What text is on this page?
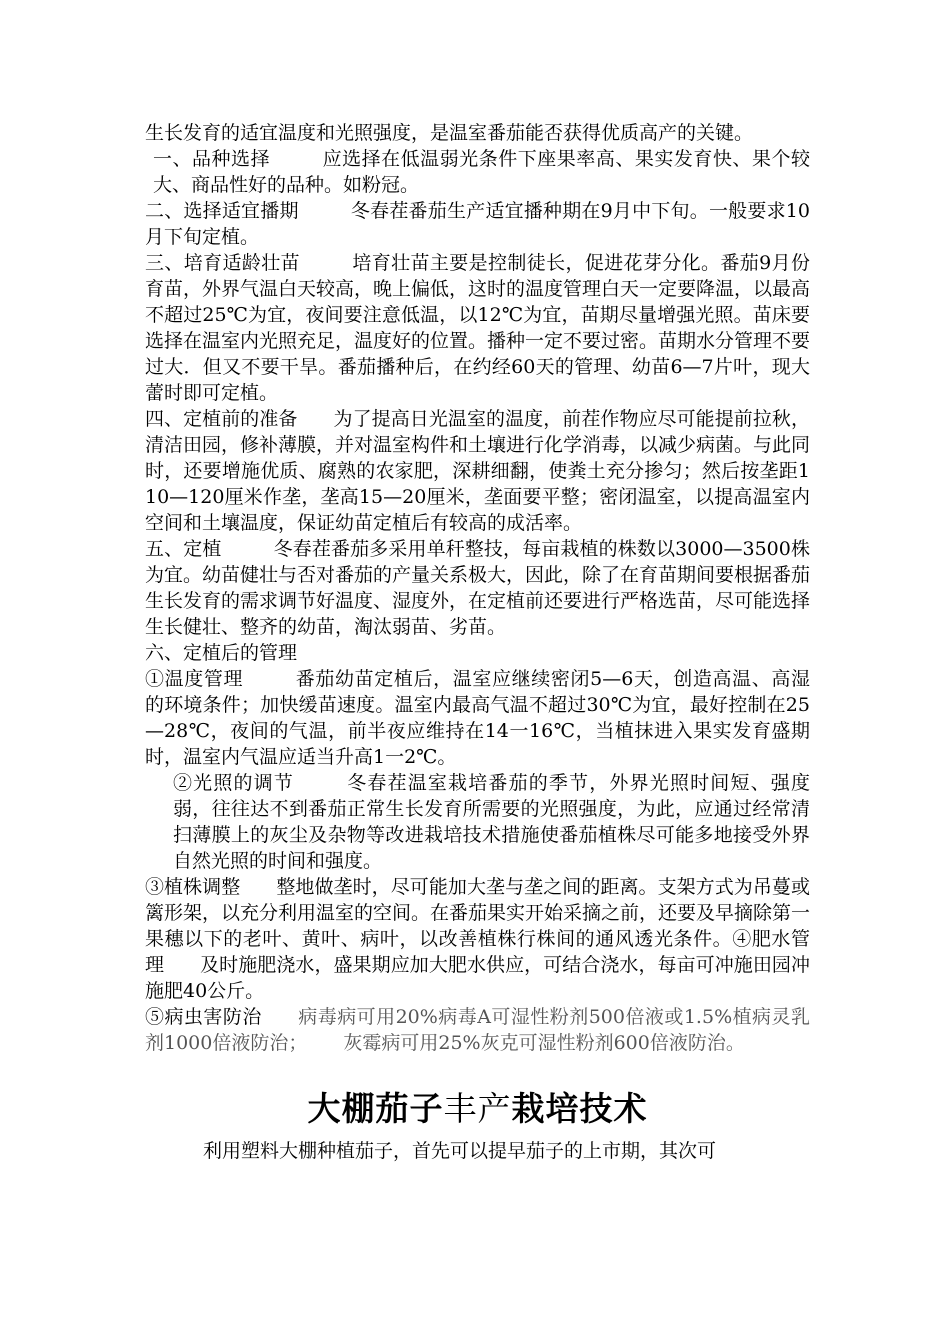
生长发育的适宜温度和光照强度，是温室番茄能否获得优质高产的关键。

一、品种选择	应选择在低温弱光条件下座果率高、果实发育快、果个较大、商品性好的品种。如粉冠。

二、选择适宜播期	冬春茬番茄生产适宜播种期在9月中下旬。一般要求10月下旬定植。

三、培育适龄壮苗	培育壮苗主要是控制徒长，促进花芽分化。番茄9月份育苗，外界气温白天较高，晚上偏低，这时的温度管理白天一定要降温，以最高不超过25℃为宜，夜间要注意低温，以12℃为宜，苗期尽量增强光照。苗床要选择在温室内光照充足，温度好的位置。播种一定不要过密。苗期水分管理不要过大．但又不要干旱。番茄播种后，在约经60天的管理、幼苗6—7片叶，现大蕾时即可定植。

四、定植前的准备 为了提高日光温室的温度，前茬作物应尽可能提前拉秋，清洁田园，修补薄膜，并对温室构件和土壤进行化学消毒，以减少病菌。与此同时，还要增施优质、腐熟的农家肥，深耕细翻，使粪土充分掺匀；然后按垄距110—120厘米作垄，垄高15—20厘米，垄面要平整；密闭温室，以提高温室内空间和土壤温度，保证幼苗定植后有较高的成活率。

五、定植	冬春茬番茄多采用单秆整技，每亩栽植的株数以3000—3500株为宜。幼苗健壮与否对番茄的产量关系极大，因此，除了在育苗期间要根据番茄生长发育的需求调节好温度、湿度外，在定植前还要进行严格选苗，尽可能选择生长健壮、整齐的幼苗，淘汰弱苗、劣苗。

六、定植后的管理

①温度管理	番茄幼苗定植后，温室应继续密闭5—6天，创造高温、高湿的环境条件；加快缓苗速度。温室内最高气温不超过30℃为宜，最好控制在25—28℃，夜间的气温，前半夜应维持在14一16℃，当植抹进入果实发育盛期时，温室内气温应适当升高1一2℃。

②光照的调节	冬春茬温室栽培番茄的季节，外界光照时间短、强度弱，往往达不到番茄正常生长发育所需要的光照强度，为此，应通过经常清扫薄膜上的灰尘及杂物等改进栽培技术措施使番茄植株尽可能多地接受外界自然光照的时间和强度。

③植株调整 整地做垄时，尽可能加大垄与垄之间的距离。支架方式为吊蔓或篱形架，以充分利用温室的空间。在番茄果实开始采摘之前，还要及早摘除第一果穗以下的老叶、黄叶、病叶，以改善植株行株间的通风透光条件。④肥水管理 及时施肥浇水，盛果期应加大肥水供应，可结合浇水，每亩可冲施田园冲施肥40公斤。

⑤病虫害防治 病毒病可用20%病毒A可湿性粉剂500倍液或1.5%植病灵乳剂1000倍液防治； 灰霉病可用25%灰克可湿性粉剂600倍液防治。

大棚茄子丰产栽培技术

利用塑料大棚种植茄子，首先可以提早茄子的上市期，其次可
